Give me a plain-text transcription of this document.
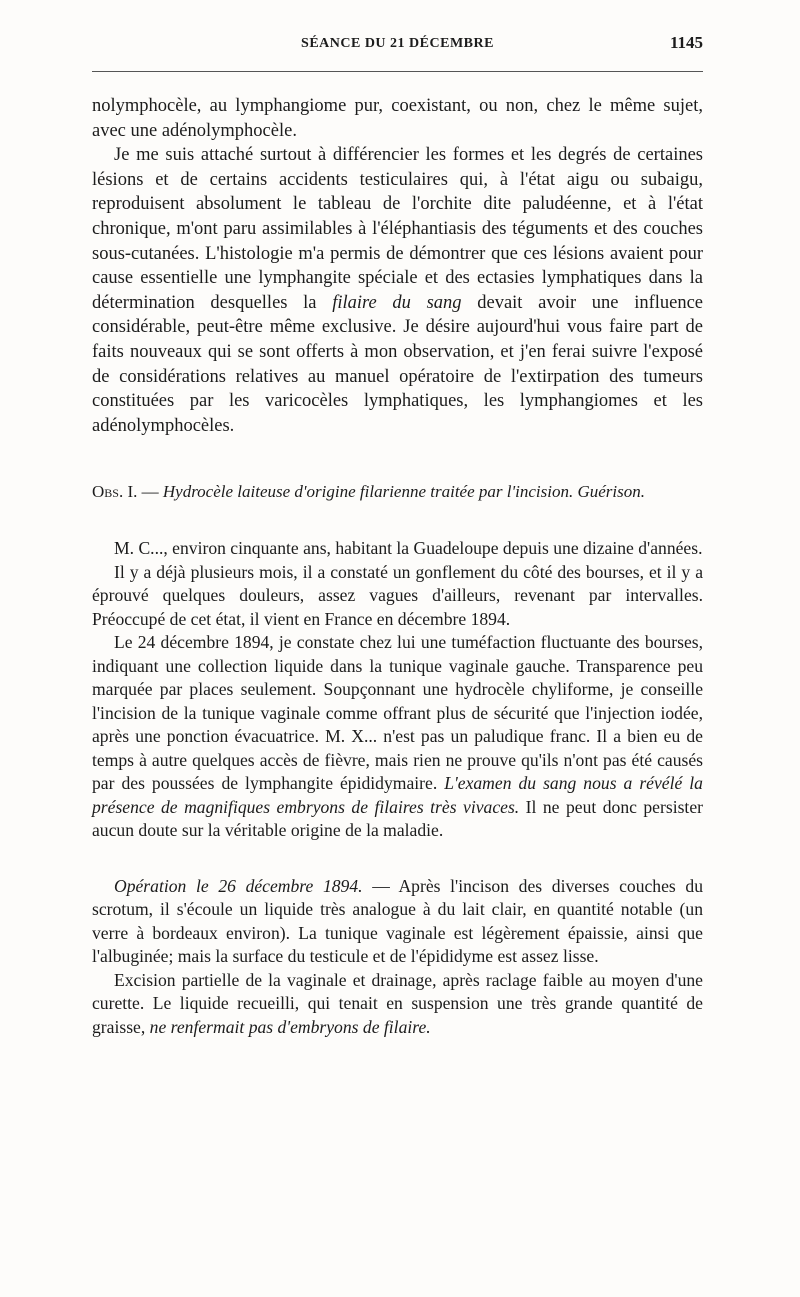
SÉANCE DU 21 DÉCEMBRE	1145

nolymphocèle, au lymphangiome pur, coexistant, ou non, chez le même sujet, avec une adénolymphocèle.

Je me suis attaché surtout à différencier les formes et les degrés de certaines lésions et de certains accidents testiculaires qui, à l'état aigu ou subaigu, reproduisent absolument le tableau de l'orchite dite paludéenne, et à l'état chronique, m'ont paru assimilables à l'éléphantiasis des téguments et des couches sous-cutanées. L'histologie m'a permis de démontrer que ces lésions avaient pour cause essentielle une lymphangite spéciale et des ectasies lymphatiques dans la détermination desquelles la filaire du sang devait avoir une influence considérable, peut-être même exclusive. Je désire aujourd'hui vous faire part de faits nouveaux qui se sont offerts à mon observation, et j'en ferai suivre l'exposé de considérations relatives au manuel opératoire de l'extirpation des tumeurs constituées par les varicocèles lymphatiques, les lymphangiomes et les adénolymphocèles.

Obs. I. — Hydrocèle laiteuse d'origine filarienne traitée par l'incision. Guérison.

M. C..., environ cinquante ans, habitant la Guadeloupe depuis une dizaine d'années.

Il y a déjà plusieurs mois, il a constaté un gonflement du côté des bourses, et il y a éprouvé quelques douleurs, assez vagues d'ailleurs, revenant par intervalles. Préoccupé de cet état, il vient en France en décembre 1894.

Le 24 décembre 1894, je constate chez lui une tuméfaction fluctuante des bourses, indiquant une collection liquide dans la tunique vaginale gauche. Transparence peu marquée par places seulement. Soupçonnant une hydrocèle chyliforme, je conseille l'incision de la tunique vaginale comme offrant plus de sécurité que l'injection iodée, après une ponction évacuatrice. M. X... n'est pas un paludique franc. Il a bien eu de temps à autre quelques accès de fièvre, mais rien ne prouve qu'ils n'ont pas été causés par des poussées de lymphangite épididymaire. L'examen du sang nous a révélé la présence de magnifiques embryons de filaires très vivaces. Il ne peut donc persister aucun doute sur la véritable origine de la maladie.

Opération le 26 décembre 1894. — Après l'incison des diverses couches du scrotum, il s'écoule un liquide très analogue à du lait clair, en quantité notable (un verre à bordeaux environ). La tunique vaginale est légèrement épaissie, ainsi que l'albuginée; mais la surface du testicule et de l'épididyme est assez lisse.

Excision partielle de la vaginale et drainage, après raclage faible au moyen d'une curette. Le liquide recueilli, qui tenait en suspension une très grande quantité de graisse, ne renfermait pas d'embryons de filaire.
